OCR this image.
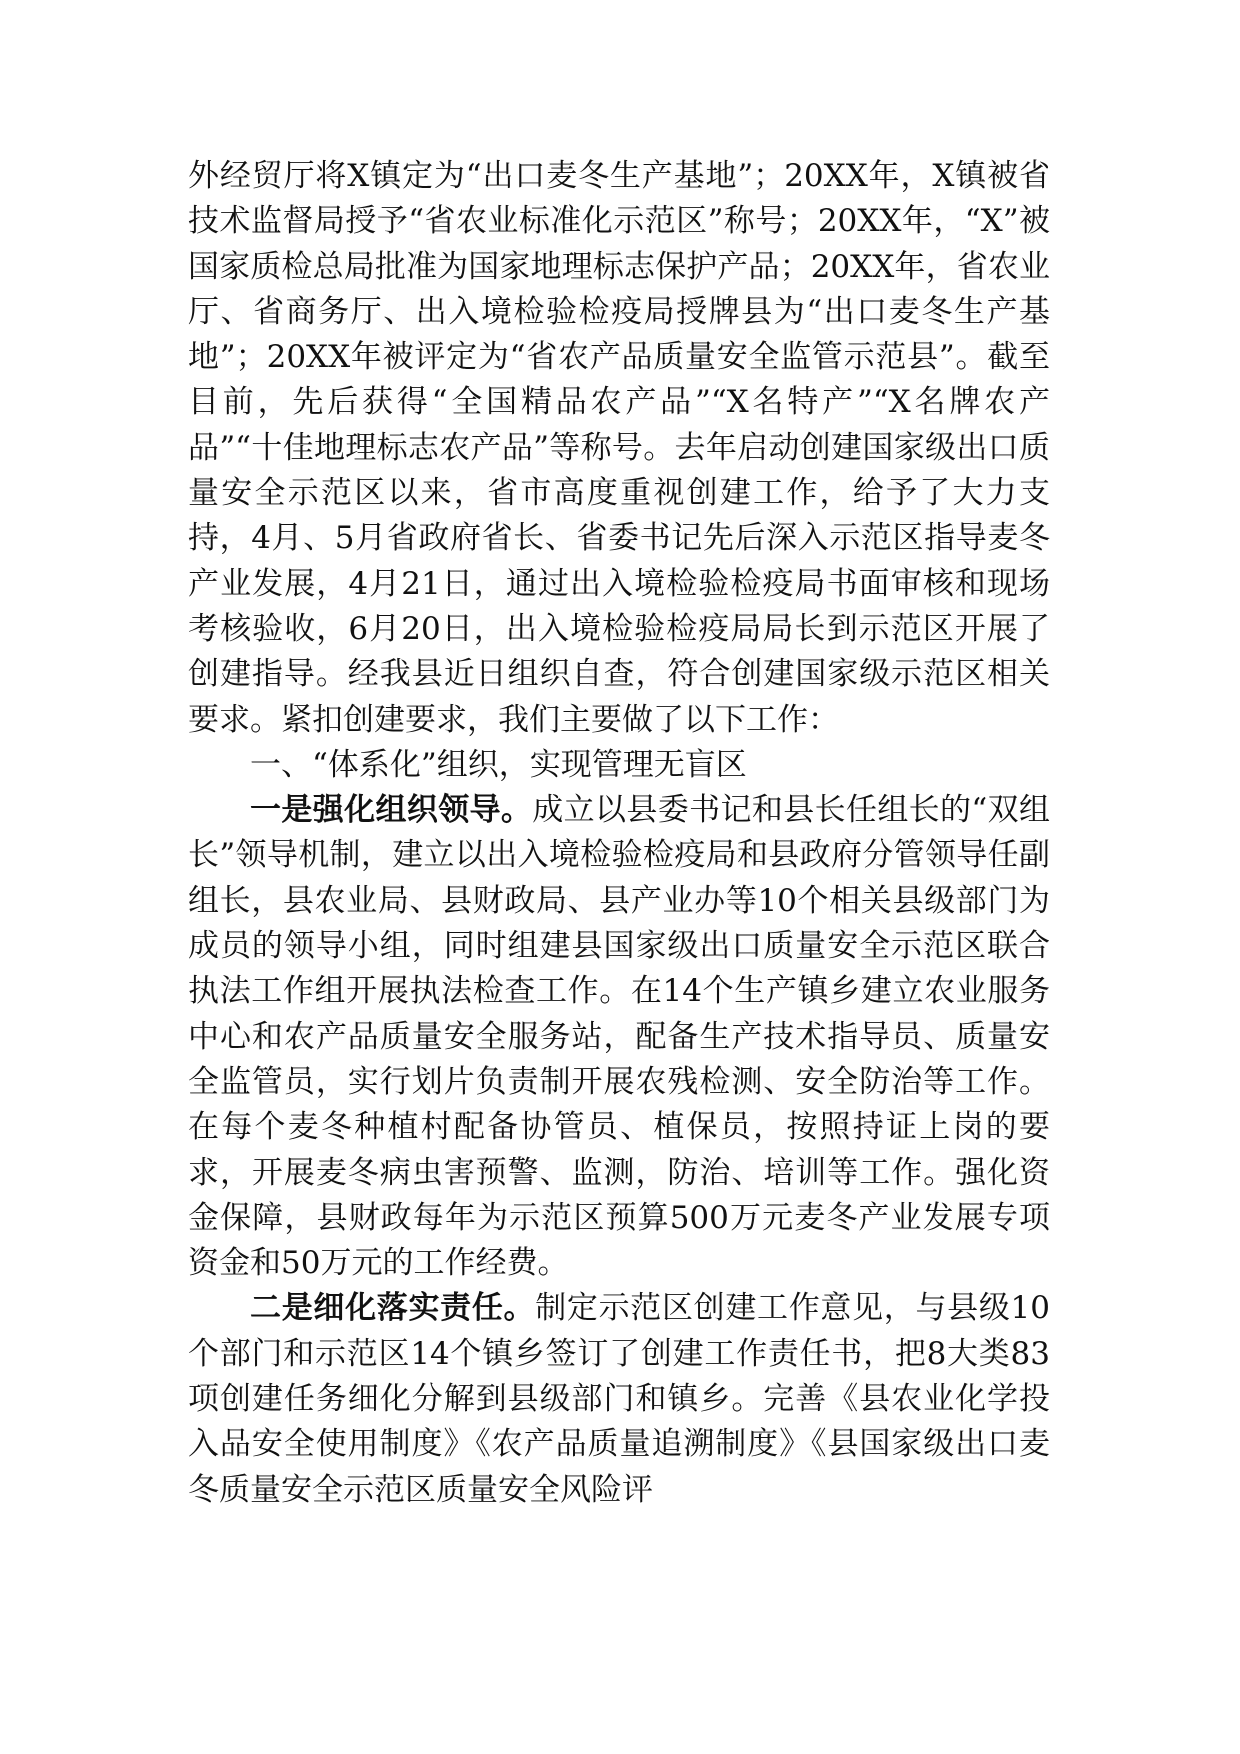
外经贸厅将X镇定为“出口麦冬生产基地”；20XX年，X镇被省技术监督局授予“省农业标准化示范区”称号；20XX年，“X”被国家质检总局批准为国家地理标志保护产品；20XX年，省农业厅、省商务厅、出入境检验检疫局授牌县为“出口麦冬生产基地”；20XX年被评定为“省农产品质量安全监管示范县”。截至目前，先后获得“全国精品农产品”“X名特产”“X名牌农产品”“十佳地理标志农产品”等称号。去年启动创建国家级出口质量安全示范区以来，省市高度重视创建工作，给予了大力支持，4月、5月省政府省长、省委书记先后深入示范区指导麦冬产业发展，4月21日，通过出入境检验检疫局书面审核和现场考核验收，6月20日，出入境检验检疫局局长到示范区开展了创建指导。经我县近日组织自查，符合创建国家级示范区相关要求。紧扣创建要求，我们主要做了以下工作：

一、“体系化”组织，实现管理无盲区

一是强化组织领导。成立以县委书记和县长任组长的“双组长”领导机制，建立以出入境检验检疫局和县政府分管领导任副组长，县农业局、县财政局、县产业办等10个相关县级部门为成员的领导小组，同时组建县国家级出口质量安全示范区联合执法工作组开展执法检查工作。在14个生产镇乡建立农业服务中心和农产品质量安全服务站，配备生产技术指导员、质量安全监管员，实行划片负责制开展农残检测、安全防治等工作。在每个麦冬种植村配备协管员、植保员，按照持证上岗的要求，开展麦冬病虫害预警、监测，防治、培训等工作。强化资金保障，县财政每年为示范区预算500万元麦冬产业发展专项资金和50万元的工作经费。

二是细化落实责任。制定示范区创建工作意见，与县级10个部门和示范区14个镇乡签订了创建工作责任书，把8大类83项创建任务细化分解到县级部门和镇乡。完善《县农业化学投入品安全使用制度》《农产品质量追溯制度》《县国家级出口麦冬质量安全示范区质量安全风险评
